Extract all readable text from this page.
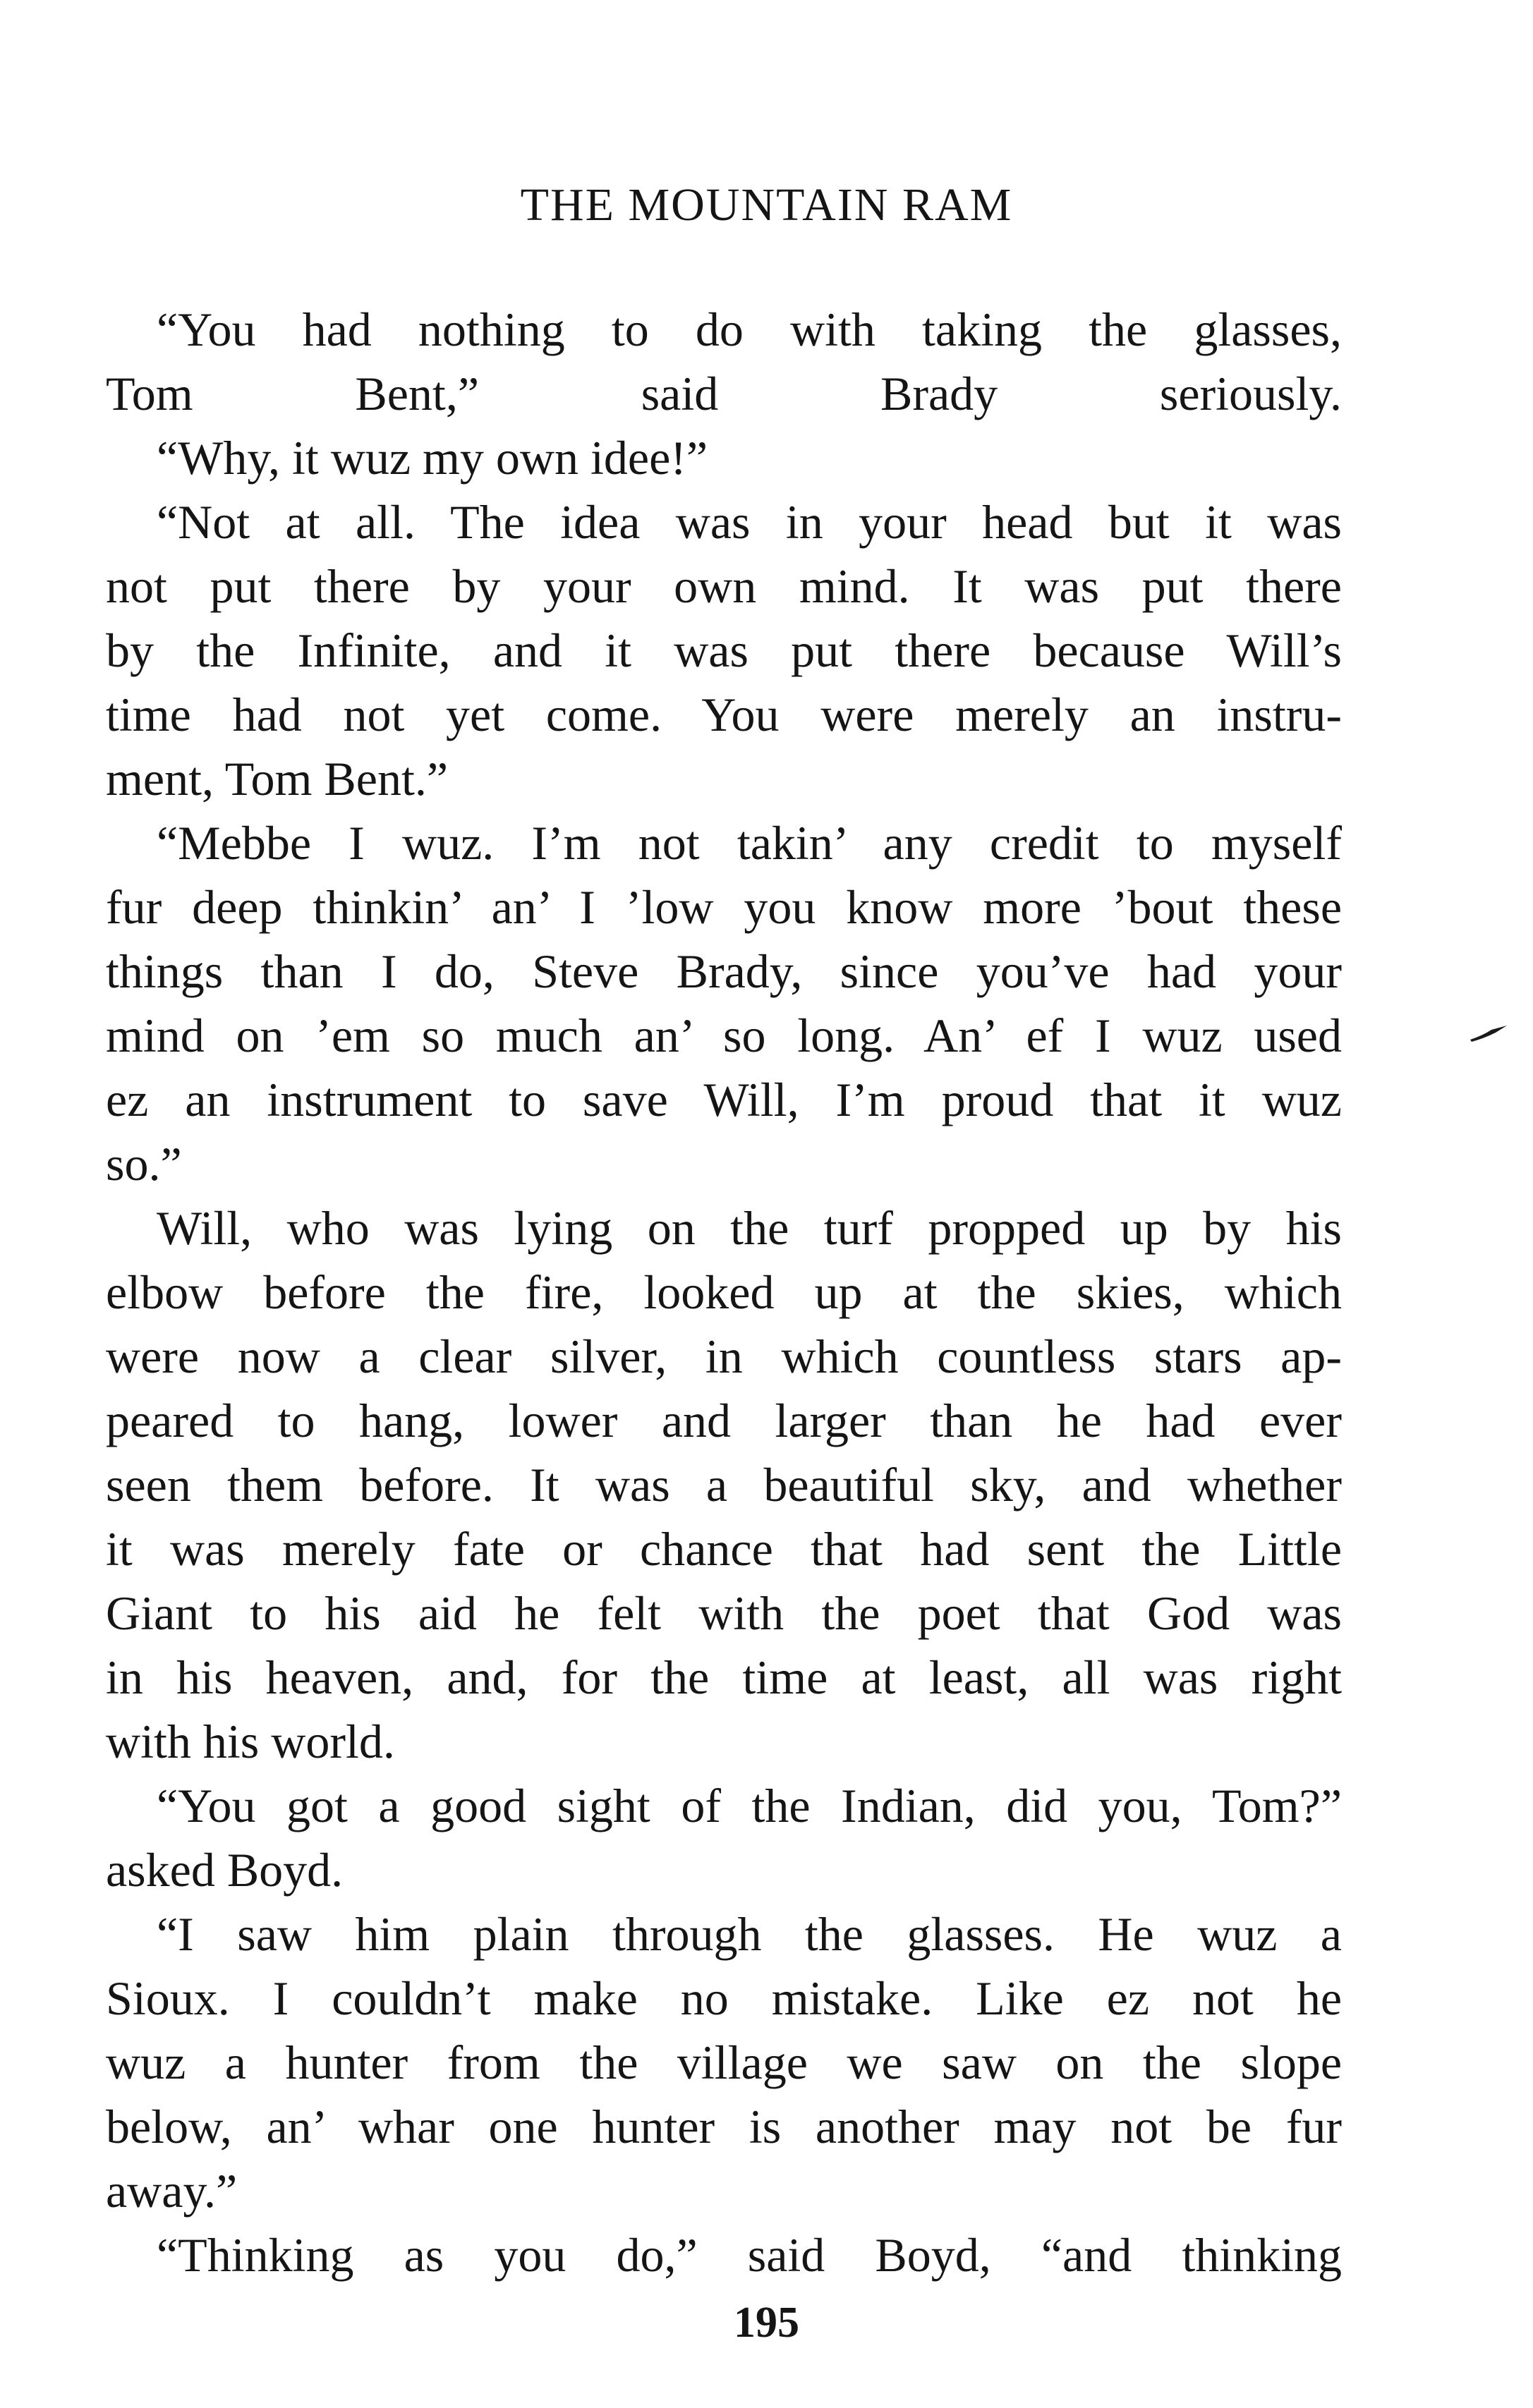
THE MOUNTAIN RAM
“You had nothing to do with taking the glasses,
Tom Bent,” said Brady seriously.
“Why, it wuz my own idee!”
“Not at all. The idea was in your head but it was
not put there by your own mind. It was put there
by the Infinite, and it was put there because Will’s
time had not yet come. You were merely an instru-
ment, Tom Bent.”
“Mebbe I wuz. I’m not takin’ any credit to myself
fur deep thinkin’ an’ I ’low you know more ’bout these
things than I do, Steve Brady, since you’ve had your
mind on ’em so much an’ so long. An’ ef I wuz used
ez an instrument to save Will, I’m proud that it wuz
so.”
Will, who was lying on the turf propped up by his
elbow before the fire, looked up at the skies, which
were now a clear silver, in which countless stars ap-
peared to hang, lower and larger than he had ever
seen them before. It was a beautiful sky, and whether
it was merely fate or chance that had sent the Little
Giant to his aid he felt with the poet that God was
in his heaven, and, for the time at least, all was right
with his world.
“You got a good sight of the Indian, did you, Tom?”
asked Boyd.
“I saw him plain through the glasses. He wuz a
Sioux. I couldn’t make no mistake. Like ez not he
wuz a hunter from the village we saw on the slope
below, an’ whar one hunter is another may not be fur
away.”
“Thinking as you do,” said Boyd, “and thinking
195
